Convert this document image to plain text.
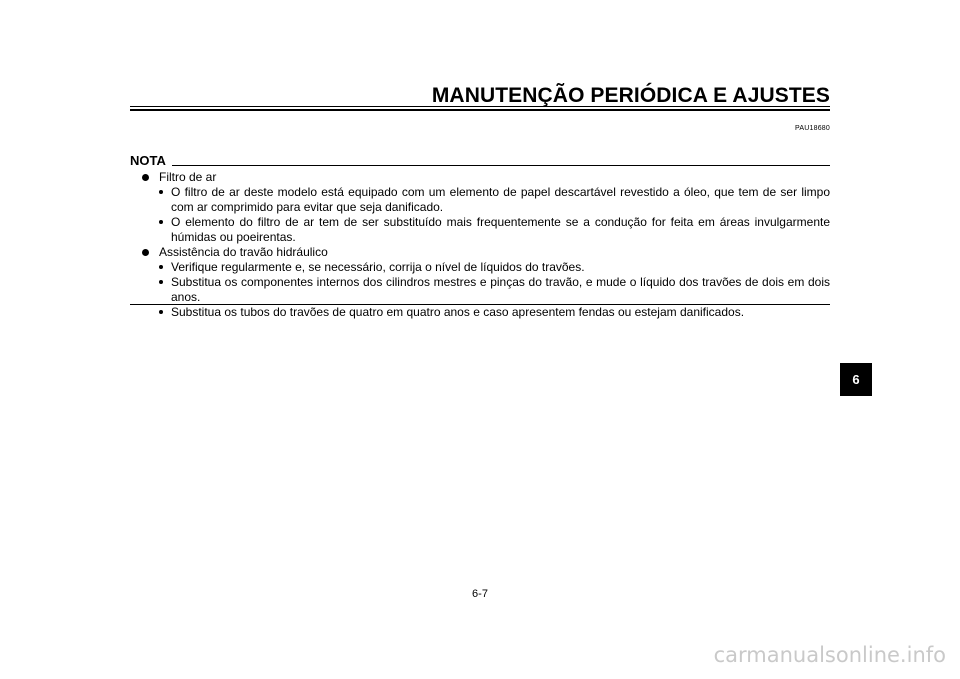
MANUTENÇÃO PERIÓDICA E AJUSTES
PAU18680
NOTA
Filtro de ar
O filtro de ar deste modelo está equipado com um elemento de papel descartável revestido a óleo, que tem de ser limpo com ar comprimido para evitar que seja danificado.
O elemento do filtro de ar tem de ser substituído mais frequentemente se a condução for feita em áreas invulgarmente húmidas ou poeirentas.
Assistência do travão hidráulico
Verifique regularmente e, se necessário, corrija o nível de líquidos do travões.
Substitua os componentes internos dos cilindros mestres e pinças do travão, e mude o líquido dos travões de dois em dois anos.
Substitua os tubos do travões de quatro em quatro anos e caso apresentem fendas ou estejam danificados.
6-7
6
carmanualsonline.info
